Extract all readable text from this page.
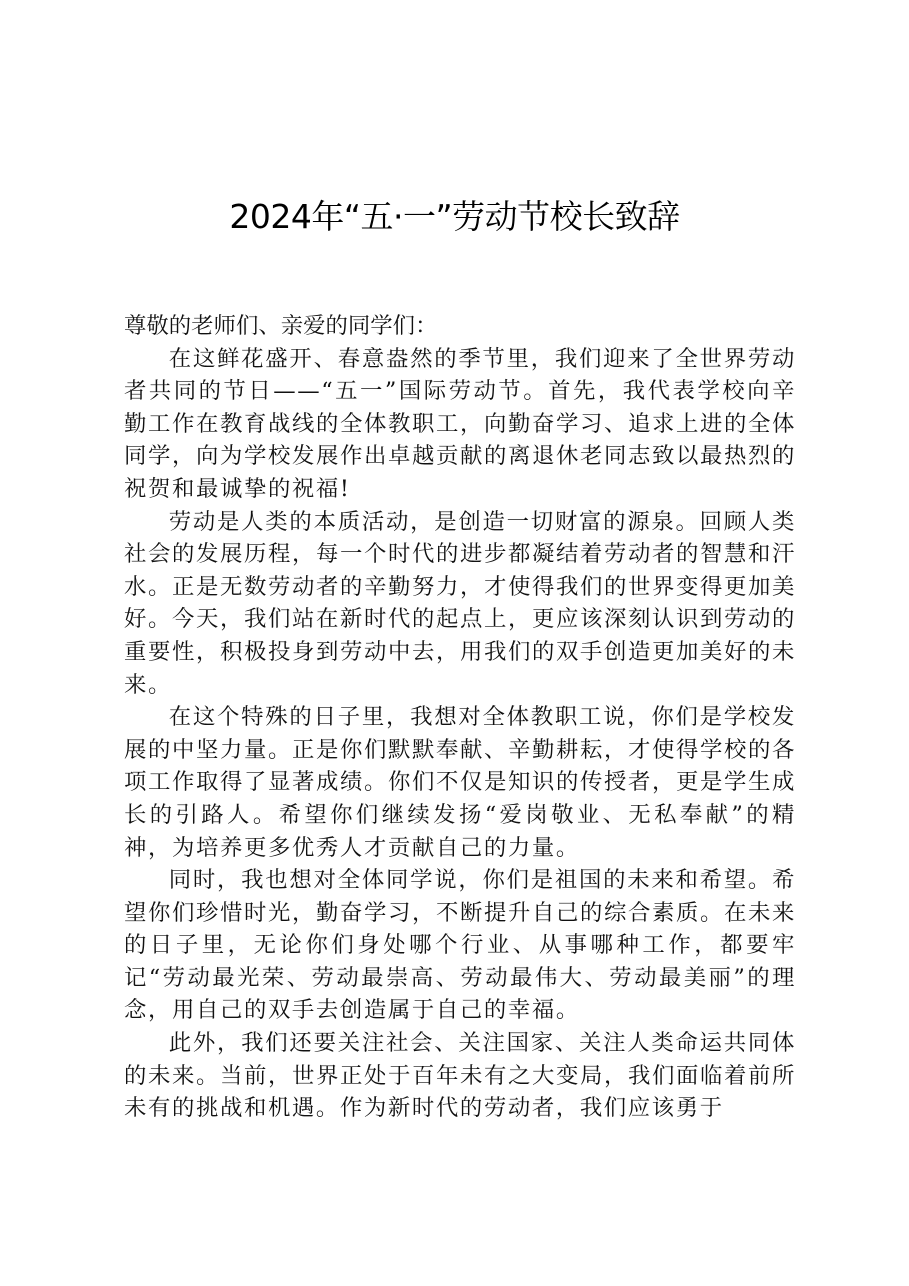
2024年“五·一”劳动节校长致辞

尊敬的老师们、亲爱的同学们：

在这鲜花盛开、春意盎然的季节里，我们迎来了全世界劳动者共同的节日——“五一”国际劳动节。首先，我代表学校向辛勤工作在教育战线的全体教职工，向勤奋学习、追求上进的全体同学，向为学校发展作出卓越贡献的离退休老同志致以最热烈的祝贺和最诚挚的祝福!

劳动是人类的本质活动，是创造一切财富的源泉。回顾人类社会的发展历程，每一个时代的进步都凝结着劳动者的智慧和汗水。正是无数劳动者的辛勤努力，才使得我们的世界变得更加美好。今天，我们站在新时代的起点上，更应该深刻认识到劳动的重要性，积极投身到劳动中去，用我们的双手创造更加美好的未来。

在这个特殊的日子里，我想对全体教职工说，你们是学校发展的中坚力量。正是你们默默奉献、辛勤耕耘，才使得学校的各项工作取得了显著成绩。你们不仅是知识的传授者，更是学生成长的引路人。希望你们继续发扬“爱岗敬业、无私奉献”的精神，为培养更多优秀人才贡献自己的力量。

同时，我也想对全体同学说，你们是祖国的未来和希望。希望你们珍惜时光，勤奋学习，不断提升自己的综合素质。在未来的日子里，无论你们身处哪个行业、从事哪种工作，都要牢记“劳动最光荣、劳动最崇高、劳动最伟大、劳动最美丽”的理念，用自己的双手去创造属于自己的幸福。

此外，我们还要关注社会、关注国家、关注人类命运共同体的未来。当前，世界正处于百年未有之大变局，我们面临着前所未有的挑战和机遇。作为新时代的劳动者，我们应该勇于
